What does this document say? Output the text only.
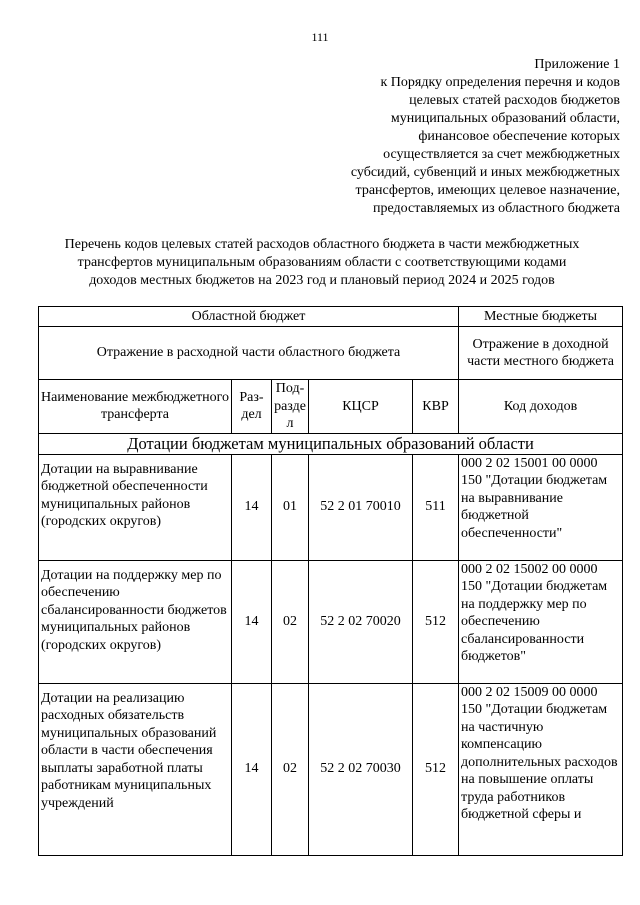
111
Приложение 1
к Порядку определения перечня и кодов
целевых статей расходов бюджетов
муниципальных образований области,
финансовое обеспечение которых
осуществляется за счет межбюджетных
субсидий, субвенций и иных межбюджетных
трансфертов, имеющих целевое назначение,
предоставляемых из областного бюджета
Перечень кодов целевых статей расходов областного бюджета в части межбюджетных
трансфертов муниципальным образованиям области с соответствующими кодами
доходов местных бюджетов на 2023 год и плановый период 2024 и 2025 годов
Областной бюджет					Местные бюджеты
Отражение в расходной части областного бюджета					Отражение в доходной части местного бюджета
Наименование межбюджетного трансферта	Раз-дел	Под-разде л	КЦСР	КВР	Код доходов
Дотации бюджетам муниципальных образований области					
Дотации на выравнивание бюджетной обеспеченности муниципальных районов (городских округов)	14	01	52 2 01 70010	511	000 2 02 15001 00 0000 150 "Дотации бюджетам на выравнивание бюджетной обеспеченности"
Дотации на поддержку мер по обеспечению сбалансированности бюджетов муниципальных районов (городских округов)	14	02	52 2 02 70020	512	000 2 02 15002 00 0000 150 "Дотации бюджетам на поддержку мер по обеспечению сбалансированности бюджетов"
Дотации на реализацию расходных обязательств муниципальных образований области в части обеспечения выплаты заработной платы работникам муниципальных учреждений	14	02	52 2 02 70030	512	000 2 02 15009 00 0000 150 "Дотации бюджетам на частичную компенсацию дополнительных расходов на повышение оплаты труда работников бюджетной сферы и
